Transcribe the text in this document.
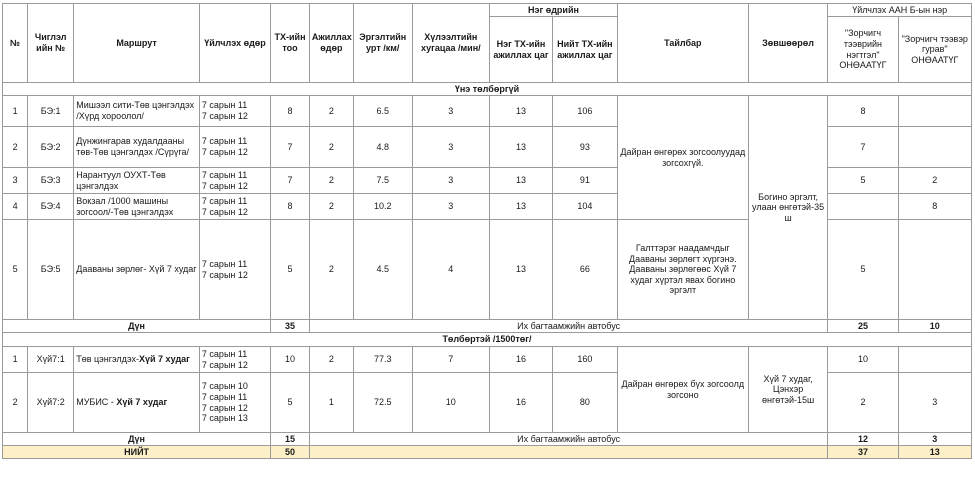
№	Чиглэл ийн №	Маршрут	Үйлчлэх өдөр	ТХ-ийн тоо	Ажиллах өдөр	Эргэлтийн урт /км/	Хүлээлтийн хугацаа /мин/	Нэг өдрийн		Тайлбар	Зөвшөөрөл	Үйлчлэх ААН Б-ын нэр	
								Нэг ТХ-ийн ажиллах цаг	Нийт ТХ-ийн ажиллах цаг			"Зорчигч тээврийн нэгтгэл" ОНӨААТҮГ	"Зорчигч тээвэр гурав" ОНӨААТҮГ
Үнэ төлбөргүй													
1	БЭ:1	Мишээл сити-Төв цэнгэлдэх /Хүрд хороолол/	7 сарын 11
7 сарын 12	8	2	6.5	3	13	106	Дайран өнгөрөх зогсоолуудад зогсохгүй.	Богино эргэлт, улаан өнгөтэй-35 ш	8	
2	БЭ:2	Дүнжингарав худалдааны төв-Төв цэнгэлдэх /Сүрүга/	7 сарын 11
7 сарын 12	7	2	4.8	3	13	93			7	
3	БЭ:3	Нарантуул ОУХТ-Төв цэнгэлдэх	7 сарын 11
7 сарын 12	7	2	7.5	3	13	91			5	2
4	БЭ:4	Вокзал /1000 машины зогсоол/-Төв цэнгэлдэх	7 сарын 11
7 сарын 12	8	2	10.2	3	13	104				8
5	БЭ:5	Дааваны зөрлөг- Хүй 7 худаг	7 сарын 11
7 сарын 12	5	2	4.5	4	13	66	Галттэрэг наадамчдыг Дааваны зөрлөгт хүргэнэ. Дааваны зөрлөгөөс Хүй 7 худаг хүртэл явах богино эргэлт		5	
Дүн				35	Их багтаамжийн автобус							25	10
Төлбөртэй /1500төг/													
1	Хүй7:1	Төв цэнгэлдэх-Хүй 7 худаг	7 сарын 11
7 сарын 12	10	2	77.3	7	16	160	Дайран өнгөрөх бүх зогсоолд зогсоно	Хүй 7 худаг, Цэнхэр өнгөтэй-15ш	10	
2	Хүй7:2	МУБИС - Хүй 7 худаг	7 сарын 10
7 сарын 11
7 сарын 12
7 сарын 13	5	1	72.5	10	16	80			2	3
Дүн				15	Их багтаамжийн автобус							12	3
НИЙТ				50								37	13
